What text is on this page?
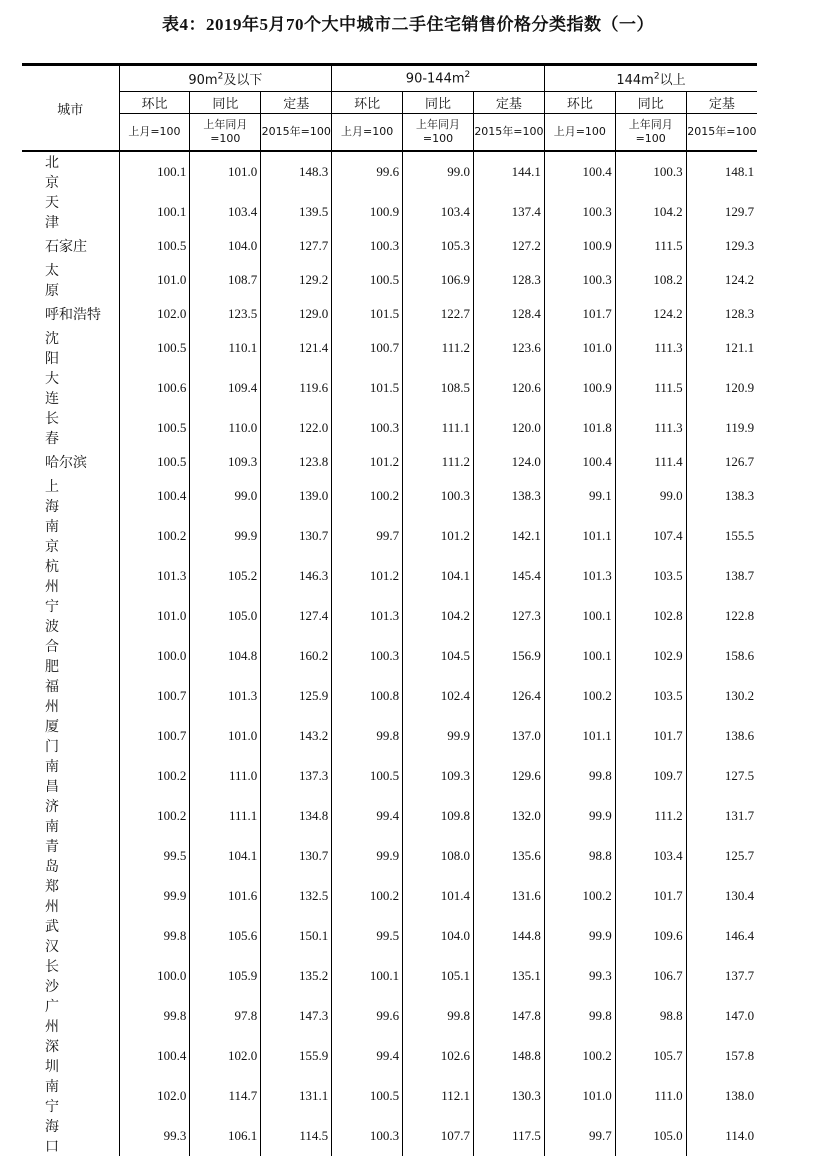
表4：2019年5月70个大中城市二手住宅销售价格分类指数（一）
城市	$90m^2$及以下			$90-144m^2$			$144m^2$以上		
	环比	同比	定基	环比	同比	定基	环比	同比	定基
	上月=100	上年同月=100	2015年=100	上月=100	上年同月=100	2015年=100	上月=100	上年同月=100	2015年=100
北京	100.1	101.0	148.3	99.6	99.0	144.1	100.4	100.3	148.1
天津	100.1	103.4	139.5	100.9	103.4	137.4	100.3	104.2	129.7
石家庄	100.5	104.0	127.7	100.3	105.3	127.2	100.9	111.5	129.3
太原	101.0	108.7	129.2	100.5	106.9	128.3	100.3	108.2	124.2
呼和浩特	102.0	123.5	129.0	101.5	122.7	128.4	101.7	124.2	128.3
沈阳	100.5	110.1	121.4	100.7	111.2	123.6	101.0	111.3	121.1
大连	100.6	109.4	119.6	101.5	108.5	120.6	100.9	111.5	120.9
长春	100.5	110.0	122.0	100.3	111.1	120.0	101.8	111.3	119.9
哈尔滨	100.5	109.3	123.8	101.2	111.2	124.0	100.4	111.4	126.7
上海	100.4	99.0	139.0	100.2	100.3	138.3	99.1	99.0	138.3
南京	100.2	99.9	130.7	99.7	101.2	142.1	101.1	107.4	155.5
杭州	101.3	105.2	146.3	101.2	104.1	145.4	101.3	103.5	138.7
宁波	101.0	105.0	127.4	101.3	104.2	127.3	100.1	102.8	122.8
合肥	100.0	104.8	160.2	100.3	104.5	156.9	100.1	102.9	158.6
福州	100.7	101.3	125.9	100.8	102.4	126.4	100.2	103.5	130.2
厦门	100.7	101.0	143.2	99.8	99.9	137.0	101.1	101.7	138.6
南昌	100.2	111.0	137.3	100.5	109.3	129.6	99.8	109.7	127.5
济南	100.2	111.1	134.8	99.4	109.8	132.0	99.9	111.2	131.7
青岛	99.5	104.1	130.7	99.9	108.0	135.6	98.8	103.4	125.7
郑州	99.9	101.6	132.5	100.2	101.4	131.6	100.2	101.7	130.4
武汉	99.8	105.6	150.1	99.5	104.0	144.8	99.9	109.6	146.4
长沙	100.0	105.9	135.2	100.1	105.1	135.1	99.3	106.7	137.7
广州	99.8	97.8	147.3	99.6	99.8	147.8	99.8	98.8	147.0
深圳	100.4	102.0	155.9	99.4	102.6	148.8	100.2	105.7	157.8
南宁	102.0	114.7	131.1	100.5	112.1	130.3	101.0	111.0	138.0
海口	99.3	106.1	114.5	100.3	107.7	117.5	99.7	105.0	114.0
